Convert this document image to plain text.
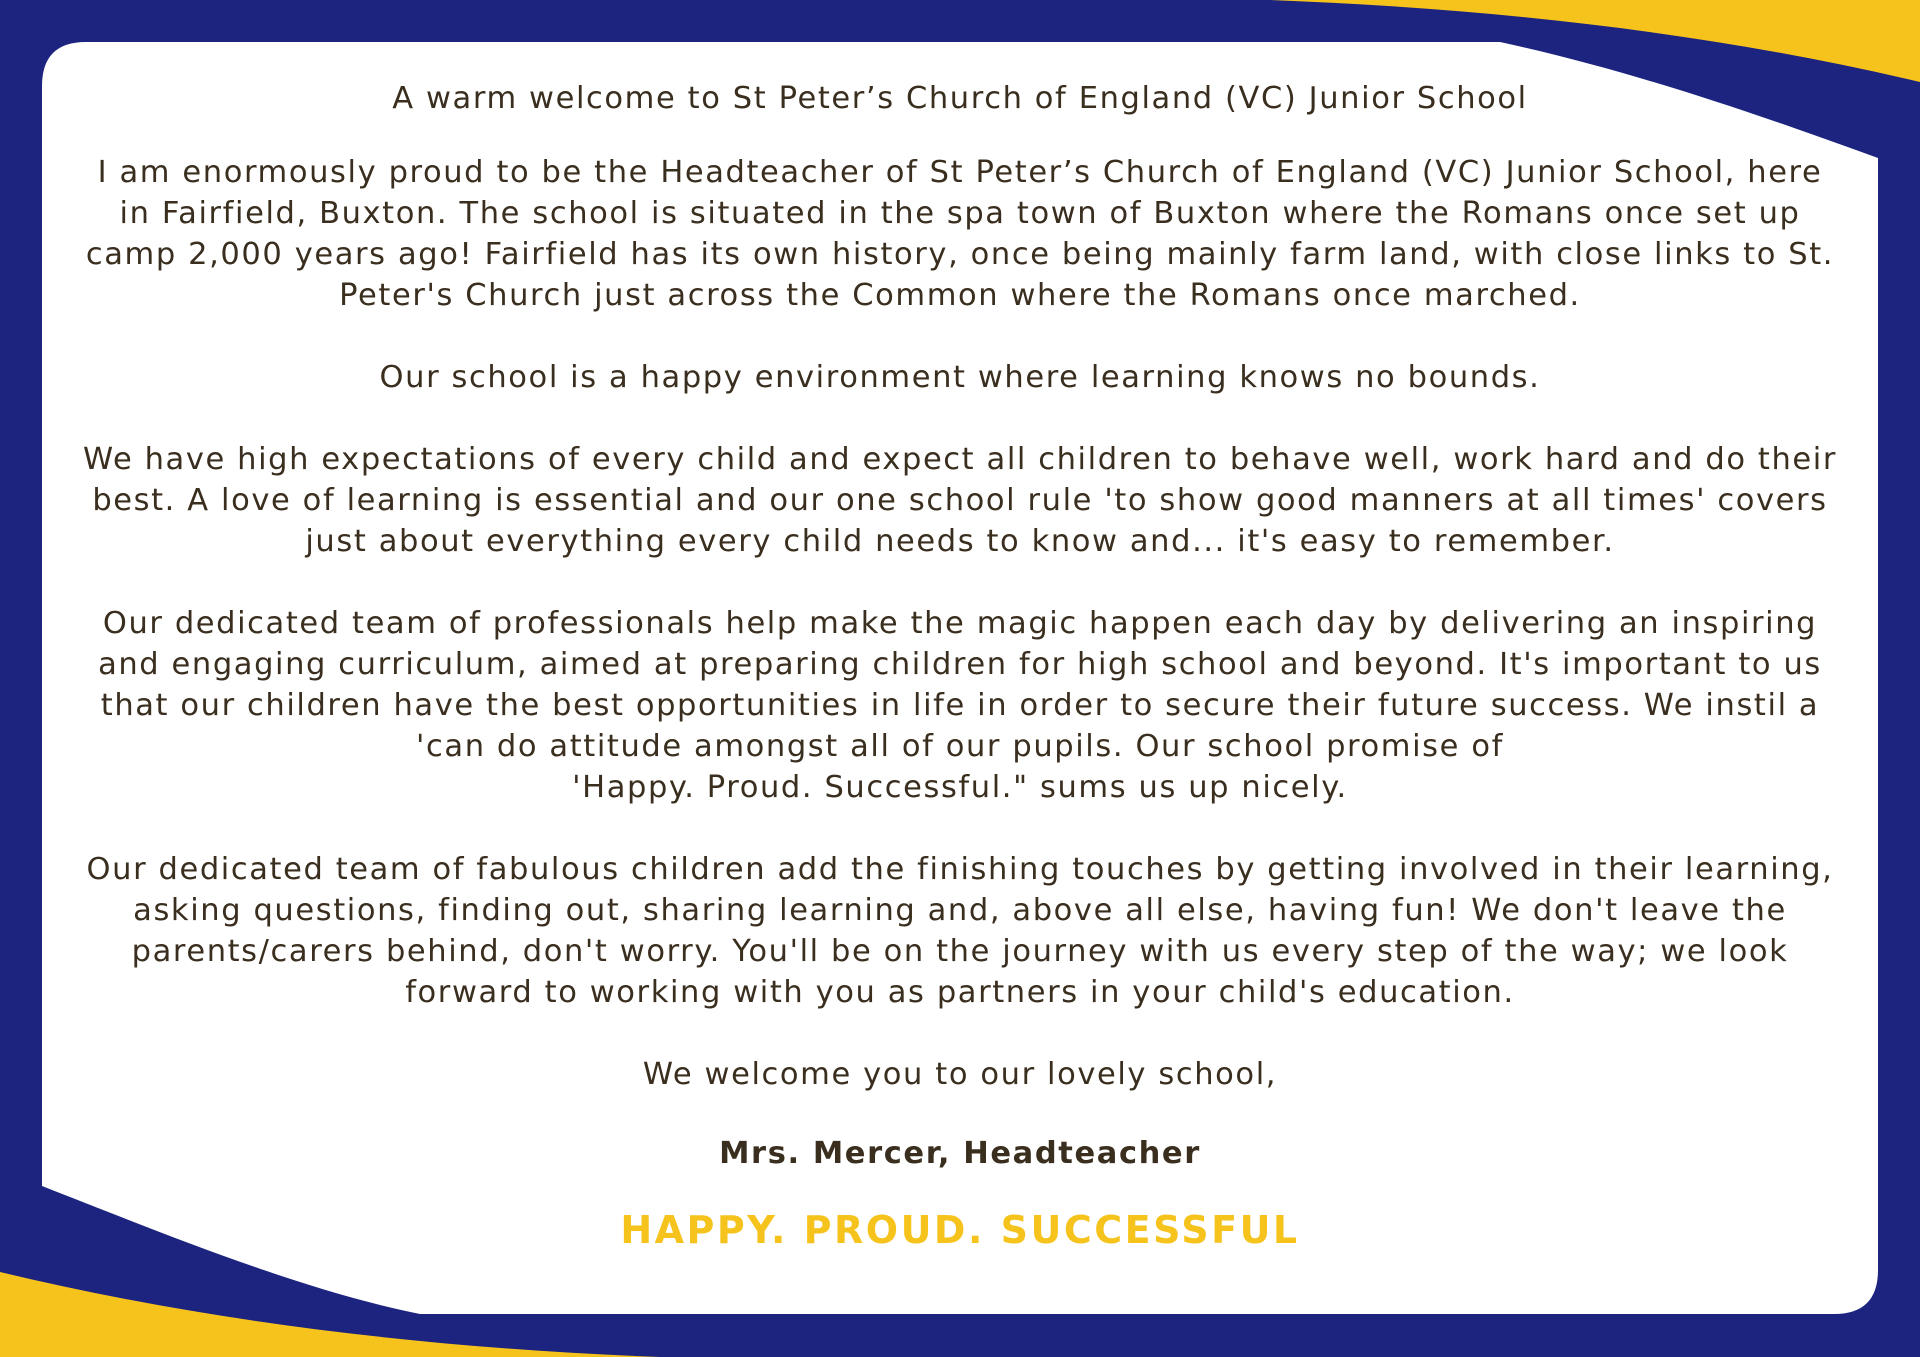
A warm welcome to St Peter’s Church of England (VC) Junior School

I am enormously proud to be the Headteacher of St Peter’s Church of England (VC) Junior School, here
in Fairfield, Buxton. The school is situated in the spa town of Buxton where the Romans once set up
camp 2,000 years ago! Fairfield has its own history, once being mainly farm land, with close links to St.
Peter's Church just across the Common where the Romans once marched.

Our school is a happy environment where learning knows no bounds.

We have high expectations of every child and expect all children to behave well, work hard and do their
best. A love of learning is essential and our one school rule 'to show good manners at all times' covers
just about everything every child needs to know and... it's easy to remember.

Our dedicated team of professionals help make the magic happen each day by delivering an inspiring
and engaging curriculum, aimed at preparing children for high school and beyond. It's important to us
that our children have the best opportunities in life in order to secure their future success. We instil a
'can do attitude amongst all of our pupils. Our school promise of
'Happy. Proud. Successful." sums us up nicely.

Our dedicated team of fabulous children add the finishing touches by getting involved in their learning,
asking questions, finding out, sharing learning and, above all else, having fun! We don't leave the
parents/carers behind, don't worry. You'll be on the journey with us every step of the way; we look
forward to working with you as partners in your child's education.

We welcome you to our lovely school,

Mrs. Mercer, Headteacher

HAPPY. PROUD. SUCCESSFUL
